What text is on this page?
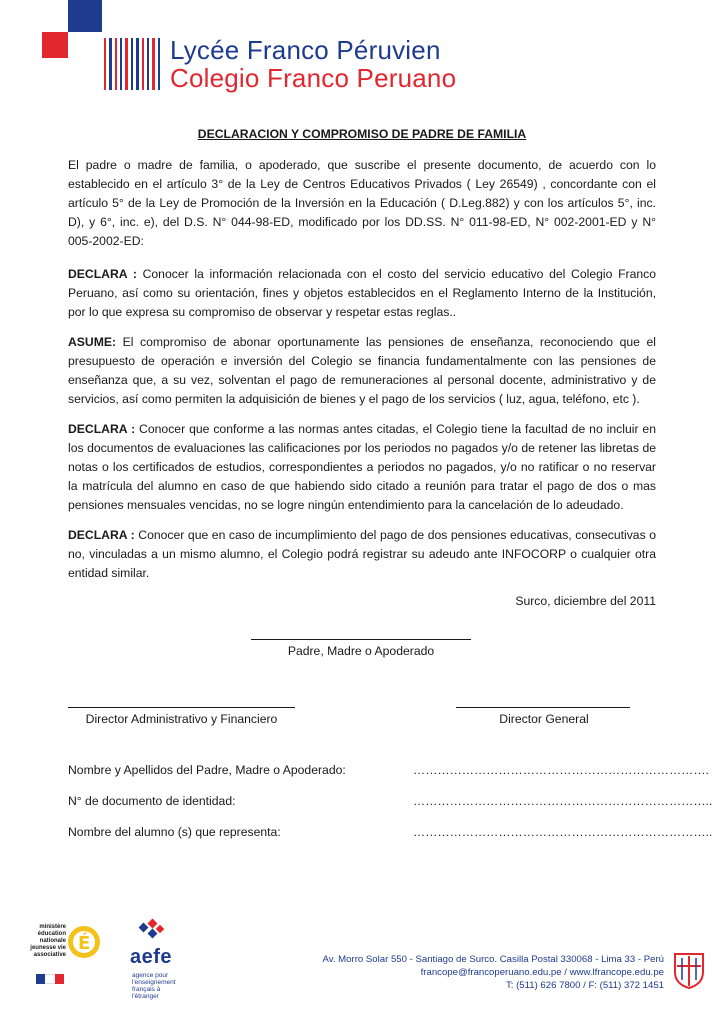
Lycée Franco Péruvien
Colegio Franco Peruano
DECLARACION Y COMPROMISO DE PADRE DE FAMILIA

El padre o madre de familia, o apoderado, que suscribe el presente documento, de acuerdo con lo establecido en el artículo 3° de la Ley de Centros Educativos Privados ( Ley 26549) , concordante con el artículo 5° de la Ley de Promoción de la Inversión en la Educación ( D.Leg.882) y con los artículos 5°, inc. D), y 6°, inc. e), del D.S. N° 044-98-ED, modificado por los DD.SS. N° 011-98-ED, N° 002-2001-ED y N° 005-2002-ED:

DECLARA : Conocer la información relacionada con el costo del servicio educativo del Colegio Franco Peruano, así como su orientación, fines y objetos establecidos en el Reglamento Interno de la Institución, por lo que expresa su compromiso de observar y respetar estas reglas..

ASUME: El compromiso de abonar oportunamente las pensiones de enseñanza, reconociendo que el presupuesto de operación e inversión del Colegio se financia fundamentalmente con las pensiones de enseñanza que, a su vez, solventan el pago de remuneraciones al personal docente, administrativo y de servicios, así como permiten la adquisición de bienes y el pago de los servicios ( luz, agua, teléfono, etc ).

DECLARA : Conocer que conforme a las normas antes citadas, el Colegio tiene la facultad de no incluir en los documentos de evaluaciones las calificaciones por los periodos no pagados y/o de retener las libretas de notas o los certificados de estudios, correspondientes a periodos no pagados, y/o no ratificar o no reservar la matrícula del alumno en caso de que habiendo sido citado a reunión para tratar el pago de dos o mas pensiones mensuales vencidas, no se logre ningún entendimiento para la cancelación de lo adeudado.

DECLARA : Conocer que en caso de incumplimiento del pago de dos pensiones educativas, consecutivas o no, vinculadas a un mismo alumno, el Colegio podrá registrar su adeudo ante INFOCORP o cualquier otra entidad similar.

Surco, diciembre del 2011
Padre, Madre o Apoderado
Director Administrativo y Financiero	Director General
Nombre y Apellidos del Padre, Madre o Apoderado:	……………………………………………………………….
N° de documento de identidad:	………………………………………………………………..
Nombre del alumno (s) que representa:	………………………………………………………………..
ministère éducation nationale jeunesse vie associative
É
aefe
agence pour l'enseignement français à l'étranger
Av. Morro Solar 550 - Santiago de Surco. Casilla Postal 330068 - Lima 33 - Perú
francope@francoperuano.edu.pe / www.lfrancope.edu.pe
T: (511) 626 7800 / F: (511) 372 1451
